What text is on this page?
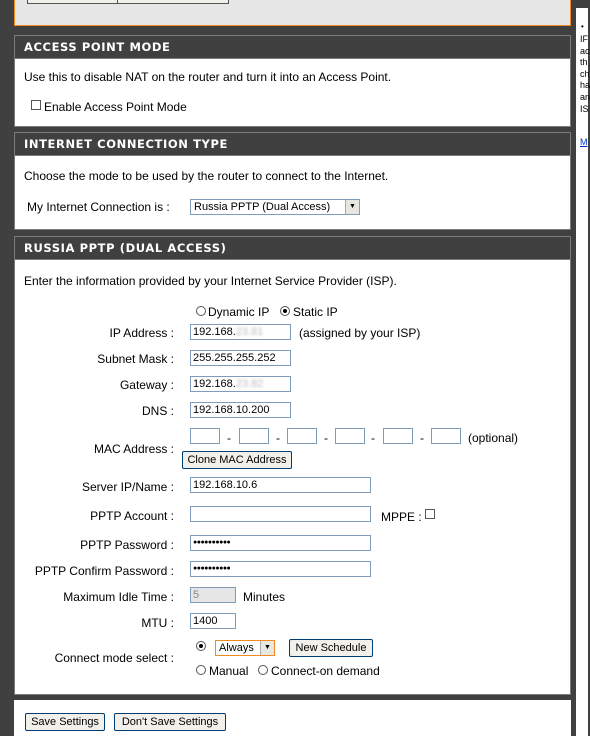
•
IF
ac
th
ch
ha
an
IS
M
ACCESS POINT MODE
Use this to disable NAT on the router and turn it into an Access Point.
Enable Access Point Mode
INTERNET CONNECTION TYPE
Choose the mode to be used by the router to connect to the Internet.
My Internet Connection is :	Russia PPTP (Dual Access)	▼
RUSSIA PPTP (DUAL ACCESS)
Enter the information provided by your Internet Service Provider (ISP).
Dynamic IP Static IP
IP Address : 192.168.23.81	(assigned by your ISP)
Subnet Mask : 255.255.255.252
Gateway : 192.168.23.82
DNS : 192.168.10.200
MAC Address :
-	-	-	-	-	(optional)
Clone MAC Address
Server IP/Name : 192.168.10.6
PPTP Account :	MPPE :
PPTP Password :	●●●●●●●●●●
PPTP Confirm Password :	●●●●●●●●●●
Maximum Idle Time : 5	Minutes
MTU : 1400
Connect mode select :
Always	▼	New Schedule
Manual Connect-on demand
Save Settings	Don't Save Settings
